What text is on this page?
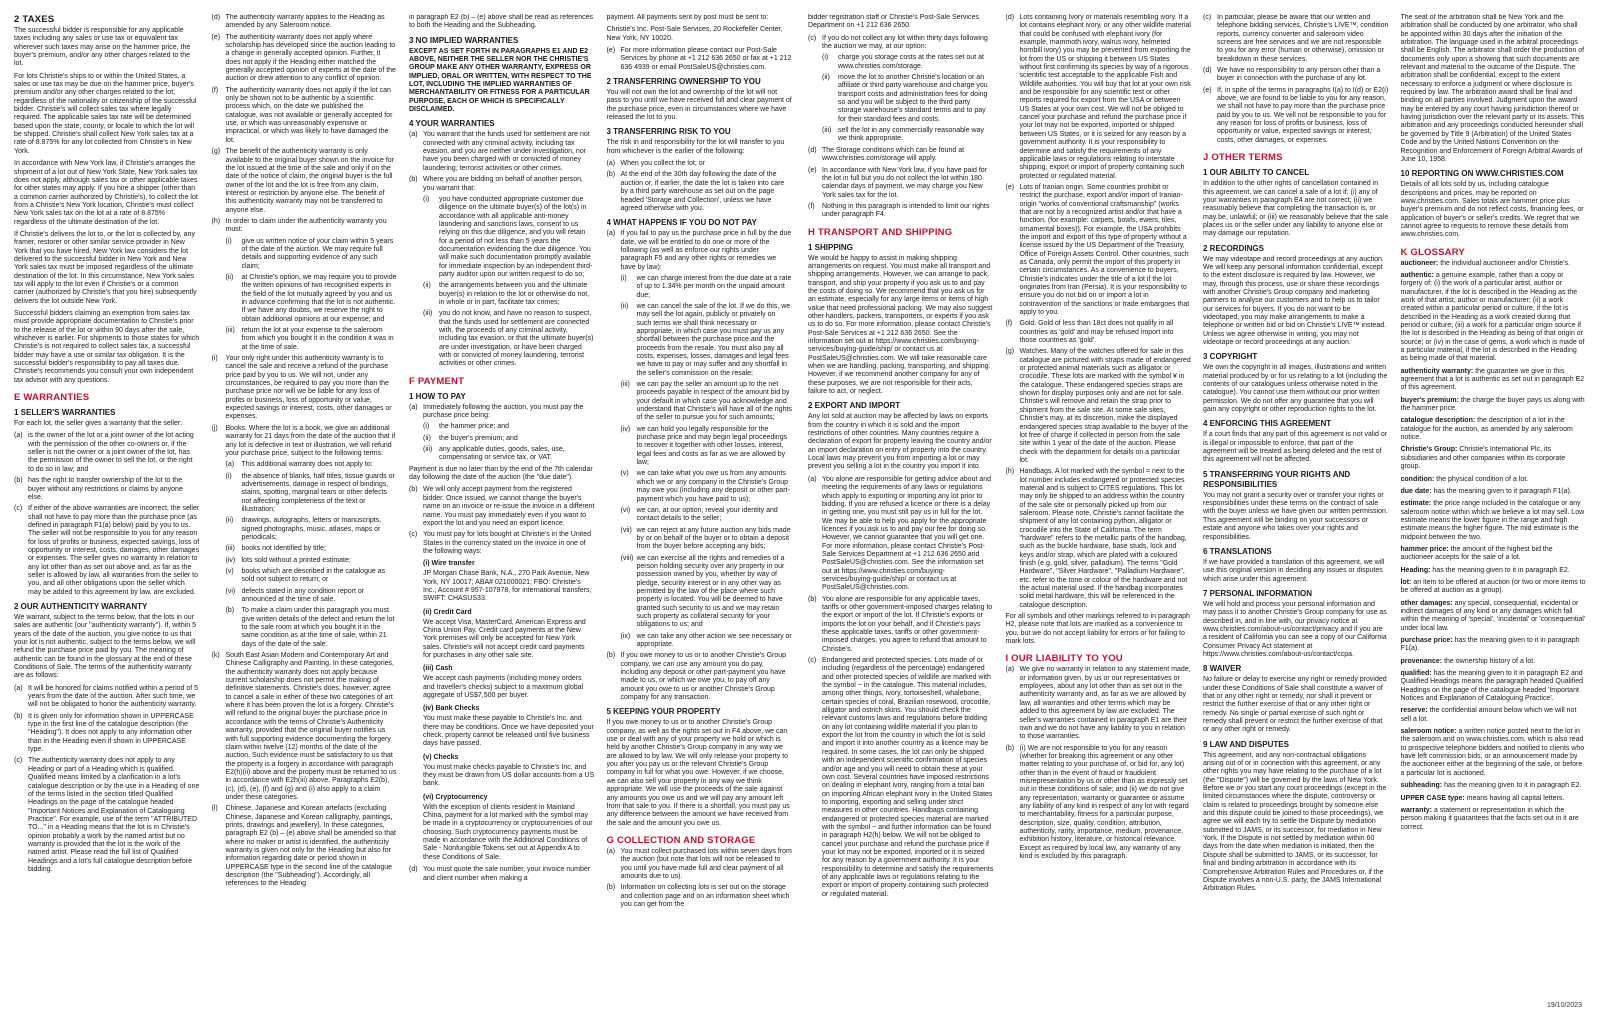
2 TAXES

The successful bidder is responsible for any applicable taxes including any sales or use tax or equivalent tax wherever such taxes may arise on the hammer price, the buyer's premium, and/or any other charges related to the lot.

For lots Christie's ships to or within the United States, a sales or use tax may be due on the hammer price, buyer's premium and/or any other charges related to the lot, regardless of the nationality or citizenship of the successful bidder. Christie's will collect sales tax where legally required. The applicable sales tax rate will be determined based upon the state, county, or locale to which the lot will be shipped. Christie's shall collect New York sales tax at a rate of 8.875% for any lot collected from Christie's in New York.

In accordance with New York law, if Christie's arranges the shipment of a lot out of New York State, New York sales tax does not apply, although sales tax or other applicable taxes for other states may apply. If you hire a shipper (other than a common carrier authorized by Christie's), to collect the lot from a Christie's New York location, Christie's must collect New York sales tax on the lot at a rate of 8.875% regardless of the ultimate destination of the lot.

If Christie's delivers the lot to, or the lot is collected by, any framer, restorer or other similar service provider in New York that you have hired, New York law considers the lot delivered to the successful bidder in New York and New York sales tax must be imposed regardless of the ultimate destination of the lot. In this circumstance, New York sales tax will apply to the lot even if Christie's or a common carrier (authorized by Christie's that you hire) subsequently delivers the lot outside New York.

Successful bidders claiming an exemption from sales tax must provide appropriate documentation to Christie's prior to the release of the lot or within 90 days after the sale, whichever is earlier. For shipments to those states for which Christie's is not required to collect sales tax, a successful bidder may have a use or similar tax obligation. It is the successful bidder's responsibility to pay all taxes due. Christie's recommends you consult your own independent tax advisor with any questions.

E WARRANTIES
1 SELLER'S WARRANTIES

For each lot, the seller gives a warranty that the seller:

(a) is the owner of the lot or a joint owner of the lot acting with the permission of the other co-owners or, if the seller is not the owner or a joint owner of the lot, has the permission of the owner to sell the lot, or the right to do so in law; and
(b) has the right to transfer ownership of the lot to the buyer without any restrictions or claims by anyone else.
(c) If either of the above warranties are incorrect, the seller shall not have to pay more than the purchase price (as defined in paragraph F1(a) below) paid by you to us. The seller will not be responsible to you for any reason for loss of profits or business, expected savings, loss of opportunity or interest, costs, damages, other damages or expenses. The seller gives no warranty in relation to any lot other than as set out above and, as far as the seller is allowed by law, all warranties from the seller to you, and all other obligations upon the seller which may be added to this agreement by law, are excluded.
2 OUR AUTHENTICITY WARRANTY

We warrant, subject to the terms below, that the lots in our sales are authentic (our "authenticity warranty"). If, within 5 years of the date of the auction, you give notice to us that your lot is not authentic, subject to the terms below, we will refund the purchase price paid by you. The meaning of authentic can be found in the glossary at the end of these Conditions of Sale. The terms of the authenticity warranty are as follows:

(a) It will be honored for claims notified within a period of 5 years from the date of the auction. After such time, we will not be obligated to honor the authenticity warranty.
(b) It is given only for information shown in UPPERCASE type in the first line of the catalogue description (the "Heading"). It does not apply to any information other than in the Heading even if shown in UPPERCASE type.
(c) The authenticity warranty does not apply to any Heading or part of a Heading which is qualified. Qualified means limited by a clarification in a lot's catalogue description or by the use in a Heading of one of the terms listed in the section titled Qualified Headings on the page of the catalogue headed "Important Notices and Explanation of Cataloguing Practice". For example, use of the term "ATTRIBUTED TO..." in a Heading means that the lot is in Christie's opinion probably a work by the named artist but no warranty is provided that the lot is the work of the named artist. Please read the full list of Qualified Headings and a lot's full catalogue description before bidding.
(d) The authenticity warranty applies to the Heading as amended by any Saleroom notice.
(e) The authenticity warranty does not apply where scholarship has developed since the auction leading to a change in generally accepted opinion. Further, it does not apply if the Heading either matched the generally accepted opinion of experts at the date of the auction or drew attention to any conflict of opinion.
(f)	The authenticity warranty does not apply if the lot can only be shown not to be authentic by a scientific process which, on the date we published the catalogue, was not available or generally accepted for use, or which was unreasonably expensive or impractical, or which was likely to have damaged the lot.
(g) The benefit of the authenticity warranty is only available to the original buyer shown on the invoice for the lot issued at the time of the sale and only if on the date of the notice of claim, the original buyer is the full owner of the lot and the lot is free from any claim, interest or restriction by anyone else. The benefit of this authenticity warranty may not be transferred to anyone else.
(h) In order to claim under the authenticity warranty you must:
(i)	give us written notice of your claim within 5 years of the date of the auction. We may require full details and supporting evidence of any such claim;
(ii)	at Christie's option, we may require you to provide the written opinions of two recognised experts in the field of the lot mutually agreed by you and us in advance confirming that the lot is not authentic. If we have any doubts, we reserve the right to obtain additional opinions at our expense; and
(iii) return the lot at your expense to the saleroom from which you bought it in the condition it was in at the time of sale.
(i)	Your only right under this authenticity warranty is to cancel the sale and receive a refund of the purchase price paid by you to us. We will not, under any circumstances, be required to pay you more than the purchase price nor will we be liable for any loss of profits or business, loss of opportunity or value, expected savings or interest, costs, other damages or expenses.
(j)	Books. Where the lot is a book, we give an additional warranty for 21 days from the date of the auction that if any lot is defective in text or illustration, we will refund your purchase price, subject to the following terms:
(a)	This additional warranty does not apply to:
(i)	the absence of blanks, half titles, tissue guards or advertisements, damage in respect of bindings, stains, spotting, marginal tears or other defects not affecting completeness of the text or illustration;
(ii)	drawings, autographs, letters or manuscripts, signed photographs, music, atlases, maps or periodicals;
(iii) books not identified by title;
(iv) lots sold without a printed estimate;
(v)	books which are described in the catalogue as sold not subject to return; or
(vi) defects stated in any condition report or announced at the time of sale.
(b)	To make a claim under this paragraph you must give written details of the defect and return the lot to the sale room at which you bought it in the same condition as at the time of sale, within 21 days of the date of the sale.
(k) South East Asian Modern and Contemporary Art and Chinese Calligraphy and Painting. In these categories, the authenticity warranty does not apply because current scholarship does not permit the making of definitive statements. Christie's does, however, agree to cancel a sale in either of these two categories of art where it has been proven the lot is a forgery. Christie's will refund to the original buyer the purchase price in accordance with the terms of Christie's Authenticity warranty, provided that the original buyer notifies us with full supporting evidence documenting the forgery claim within twelve (12) months of the date of the auction. Such evidence must be satisfactory to us that the property is a forgery in accordance with paragraph E2(h)(ii) above and the property must be returned to us in accordance with E2h(iii) above. Paragraphs E2(b), (c), (d), (e), (f) and (g) and (i) also apply to a claim under these categories.
(l)	Chinese, Japanese and Korean artefacts (excluding Chinese, Japanese and Korean calligraphy, paintings, prints, drawings and jewellery). In these categories, paragraph E2 (b) – (e) above shall be amended so that where no maker or artist is identified, the authenticity warranty is given not only for the Heading but also for information regarding date or period shown in UPPERCASE type in the second line of the catalogue description (the "Subheading"). Accordingly, all references to the Heading

in paragraph E2 (b) – (e) above shall be read as references to both the Heading and the Subheading.

3 NO IMPLIED WARRANTIES

EXCEPT AS SET FORTH IN PARAGRAPHS E1 AND E2 ABOVE, NEITHER THE SELLER NOR THE CHRISTIE'S GROUP MAKE ANY OTHER WARRANTY, EXPRESS OR IMPLIED, ORAL OR WRITTEN, WITH RESPECT TO THE LOT, INCLUDING THE IMPLIED WARRANTIES OF MERCHANTABILITY OR FITNESS FOR A PARTICULAR PURPOSE, EACH OF WHICH IS SPECIFICALLY DISCLAIMED.

4 YOUR WARRANTIES
(a) You warrant that the funds used for settlement are not connected with any criminal activity, including tax evasion, and you are neither under investigation, nor have you been charged with or convicted of money laundering, terrorist activities or other crimes.
(b) Where you are bidding on behalf of another person, you warrant that:
(i)	you have conducted appropriate customer due diligence on the ultimate buyer(s) of the lot(s) in accordance with all applicable anti-money laundering and sanctions laws, consent to us relying on this due diligence, and you will retain for a period of not less than 5 years the documentation evidencing the due diligence. You will make such documentation promptly available for immediate inspection by an independent third-party auditor upon our written request to do so;
(ii)	the arrangements between you and the ultimate buyer(s) in relation to the lot or otherwise do not, in whole or in part, facilitate tax crimes;
(iii) you do not know, and have no reason to suspect, that the funds used for settlement are connected with, the proceeds of any criminal activity, including tax evasion, or that the ultimate buyer(s) are under investigation, or have been charged with or convicted of money laundering, terrorist activities or other crimes.
F PAYMENT
1 HOW TO PAY
(a) Immediately following the auction, you must pay the purchase price being:
(i)	the hammer price; and
(ii)	the buyer's premium; and
(iii) any applicable duties, goods, sales, use, compensating or service tax, or VAT.

Payment is due no later than by the end of the 7th calendar day following the date of the auction (the "due date").

(b) We will only accept payment from the registered bidder. Once issued, we cannot change the buyer's name on an invoice or re-issue the invoice in a different name. You must pay immediately even if you want to export the lot and you need an export licence.
(c) You must pay for lots bought at Christie's in the United States in the currency stated on the invoice in one of the following ways:
(i) Wire transfer

JP Morgan Chase Bank, N.A., 270 Park Avenue, New York, NY 10017; ABA# 021000021; FBO: Christie's Inc.; Account # 957-107978, for international transfers, SWIFT: CHASUS33.

(ii) Credit Card

We accept Visa, MasterCard, American Express and China Union Pay. Credit card payments at the New York premises will only be accepted for New York sales. Christie's will not accept credit card payments for purchases in any other sale site.

(iii) Cash

We accept cash payments (including money orders and traveller's checks) subject to a maximum global aggregate of US$7,500 per buyer.

(iv) Bank Checks

You must make these payable to Christie's Inc. and there may be conditions. Once we have deposited your check, property cannot be released until five business days have passed.

(v) Checks

You must make checks payable to Christie's Inc. and they must be drawn from US dollar accounts from a US bank.

(vi) Cryptocurrency

With the exception of clients resident in Mainland China, payment for a lot marked with the symbol may be made in a cryptocurrency or cryptocurrencies of our choosing. Such cryptocurrency payments must be made in accordance with the Additional Conditions of Sale - Nonfungible Tokens set out at Appendix A to these Conditions of Sale.

(d) You must quote the sale number, your invoice number and client number when making a

payment. All payments sent by post must be sent to:

Christie's Inc. Post-Sale Services, 20 Rockefeller Center, New York, NY 10020.

(e) For more information please contact our Post-Sale Services by phone at +1 212 636 2650 or fax at +1 212 636 4939 or email PostSaleUS@christies.com.
2 TRANSFERRING OWNERSHIP TO YOU

You will not own the lot and ownership of the lot will not pass to you until we have received full and clear payment of the purchase price, even in circumstances where we have released the lot to you.

3 TRANSFERRING RISK TO YOU

The risk in and responsibility for the lot will transfer to you from whichever is the earlier of the following:

(a) When you collect the lot; or
(b) At the end of the 30th day following the date of the auction or, if earlier, the date the lot is taken into care by a third party warehouse as set out on the page headed 'Storage and Collection', unless we have agreed otherwise with you.
4 WHAT HAPPENS IF YOU DO NOT PAY
(a) If you fail to pay us the purchase price in full by the due date, we will be entitled to do one or more of the following (as well as enforce our rights under paragraph F5 and any other rights or remedies we have by law):
(i)	we can charge interest from the due date at a rate of up to 1.34% per month on the unpaid amount due;
(ii)	we can cancel the sale of the lot. If we do this, we may sell the lot again, publicly or privately on such terms we shall think necessary or appropriate, in which case you must pay us any shortfall between the purchase price and the proceeds from the resale. You must also pay all costs, expenses, losses, damages and legal fees we have to pay or may suffer and any shortfall in the seller's commission on the resale;
(iii) we can pay the seller an amount up to the net proceeds payable in respect of the amount bid by your default in which case you acknowledge and understand that Christie's will have all of the rights of the seller to pursue you for such amounts;
(iv) we can hold you legally responsible for the purchase price and may begin legal proceedings to recover it together with other losses, interest, legal fees and costs as far as we are allowed by law;
(v)	we can take what you owe us from any amounts which we or any company in the Christie's Group may owe you (including any deposit or other part-payment which you have paid to us);
(vi) we can, at our option, reveal your identity and contact details to the seller;
(vii) we can reject at any future auction any bids made by or on behalf of the buyer or to obtain a deposit from the buyer before accepting any bids;
(viii) we can exercise all the rights and remedies of a person holding security over any property in our possession owned by you, whether by way of pledge, security interest or in any other way as permitted by the law of the place where such property is located. You will be deemed to have granted such security to us and we may retain such property as collateral security for your obligations to us; and
(ix) we can take any other action we see necessary or appropriate.
(b) If you owe money to us or to another Christie's Group company, we can use any amount you do pay, including any deposit or other part-payment you have made to us, or which we owe you, to pay off any amount you owe to us or another Christie's Group company for any transaction.
5 KEEPING YOUR PROPERTY

If you owe money to us or to another Christie's Group company, as well as the rights set out in F4 above, we can use or deal with any of your property we hold or which is held by another Christie's Group company in any way we are allowed to by law. We will only release your property to you after you pay us or the relevant Christie's Group company in full for what you owe. However, if we choose, we can also sell your property in any way we think appropriate. We will use the proceeds of the sale against any amounts you owe us and we will pay any amount left from that sale to you. If there is a shortfall, you must pay us any difference between the amount we have received from the sale and the amount you owe us.

G COLLECTION AND STORAGE
(a) You must collect purchased lots within seven days from the auction (but note that lots will not be released to you until you have made full and clear payment of all amounts due to us).
(b) Information on collecting lots is set out on the storage and collection page and on an information sheet which you can get from the

bidder registration staff or Christie's Post-Sale Services Department on +1 212 636 2650.

(c) If you do not collect any lot within thirty days following the auction we may, at our option:
(i)	charge you storage costs at the rates set out at www.christies.com/storage.
(ii)	move the lot to another Christie's location or an affiliate or third party warehouse and charge you transport costs and administration fees for doing so and you will be subject to the third party storage warehouse's standard terms and to pay for their standard fees and costs.
(iii) sell the lot in any commercially reasonable way we think appropriate.
(d) The Storage conditions which can be found at www.christies.com/storage will apply.
(e) In accordance with New York law, if you have paid for the lot in full but you do not collect the lot within 180 calendar days of payment, we may charge you New York sales tax for the lot.
(f)	Nothing in this paragraph is intended to limit our rights under paragraph F4.
H TRANSPORT AND SHIPPING
1 SHIPPING

We would be happy to assist in making shipping arrangements on request. You must make all transport and shipping arrangements. However, we can arrange to pack, transport, and ship your property if you ask us to and pay the costs of doing so. We recommend that you ask us for an estimate, especially for any large items or items of high value that need professional packing. We may also suggest other handlers, packers, transporters, or experts if you ask us to do so. For more information, please contact Christie's Post-Sale Services at +1 212 636 2650. See the information set out at https://www.christies.com/buying-services/buying-guide/ship/ or contact us at PostSaleUS@christies.com. We will take reasonable care when we are handling, packing, transporting, and shipping. However, if we recommend another company for any of these purposes, we are not responsible for their acts, failure to act, or neglect.

2 EXPORT AND IMPORT

Any lot sold at auction may be affected by laws on exports from the country in which it is sold and the import restrictions of other countries. Many countries require a declaration of export for property leaving the country and/or an import declaration on entry of property into the country. Local laws may prevent you from importing a lot or may prevent you selling a lot in the country you import it into.

(a) You alone are responsible for getting advice about and meeting the requirements of any laws or regulations which apply to exporting or importing any lot prior to bidding. If you are refused a licence or there is a delay in getting one, you must still pay us in full for the lot. We may be able to help you apply for the appropriate licences if you ask us to and pay our fee for doing so. However, we cannot guarantee that you will get one. For more information, please contact Christie's Post-Sale Services Department at +1 212 636 2650 and PostSaleUS@christies.com. See the information set out at https://www.christies.com/buying-services/buying-guide/ship/ or contact us at PostSaleUS@christies.com.
(b) You alone are responsible for any applicable taxes, tariffs or other government-imposed charges relating to the export or import of the lot. If Christie's exports or imports the lot on your behalf, and if Christie's pays these applicable taxes, tariffs or other government-imposed charges, you agree to refund that amount to Christie's.
(c) Endangered and protected species. Lots made of or including (regardless of the percentage) endangered and other protected species of wildlife are marked with the symbol ~ in the catalogue. This material includes, among other things, ivory, tortoiseshell, whalebone, certain species of coral, Brazilian rosewood, crocodile, alligator and ostrich skins. You should check the relevant customs laws and regulations before bidding on any lot containing wildlife material if you plan to export the lot from the country in which the lot is sold and import it into another country as a licence may be required. In some cases, the lot can only be shipped with an independent scientific confirmation of species and/or age and you will need to obtain these at your own cost. Several countries have imposed restrictions on dealing in elephant ivory, ranging from a total ban on importing African elephant ivory in the United States to importing, exporting and selling under strict measures in other countries. Handbags containing endangered or protected species material are marked with the symbol ~ and further information can be found in paragraph H2(h) below. We will not be obliged to cancel your purchase and refund the purchase price if your lot may not be exported, imported or it is seized for any reason by a government authority. It is your responsibility to determine and satisfy the requirements of any applicable laws or regulations relating to the export or import of property containing such protected or regulated material.
(d) Lots containing Ivory or materials resembling ivory. If a lot contains elephant ivory, or any other wildlife material that could be confused with elephant ivory (for example, mammoth ivory, walrus ivory, helmeted hornbill ivory) you may be prevented from exporting the lot from the US or shipping it between US States without first confirming its species by way of a rigorous scientific test acceptable to the applicable Fish and Wildlife authorities. You will buy that lot at your own risk and be responsible for any scientific test or other reports required for export from the USA or between US States at your own cost. We will not be obliged to cancel your purchase and refund the purchase price if your lot may not be exported, imported or shipped between US States, or it is seized for any reason by a government authority. It is your responsibility to determine and satisfy the requirements of any applicable laws or regulations relating to interstate shipping, export or import of property containing such protected or regulated material.
(e) Lots of Iranian origin. Some countries prohibit or restrict the purchase, export and/or import of Iranian-origin "works of conventional craftsmanship" (works that are not by a recognized artist and/or that have a function, (for example: carpets, bowls, ewers, tiles, ornamental boxes)). For example, the USA prohibits the import and export of this type of property without a license issued by the US Department of the Treasury, Office of Foreign Assets Control. Other countries, such as Canada, only permit the import of this property in certain circumstances. As a convenience to buyers, Christie's indicates under the title of a lot if the lot originates from Iran (Persia). It is your responsibility to ensure you do not bid on or import a lot in contravention of the sanctions or trade embargoes that apply to you.
(f)	Gold. Gold of less than 18ct does not qualify in all countries as 'gold' and may be refused import into those countries as 'gold'.
(g) Watches. Many of the watches offered for sale in this catalogue are pictured with straps made of endangered or protected animal materials such as alligator or crocodile. These lots are marked with the symbol ¥ in the catalogue. These endangered species straps are shown for display purposes only and are not for sale. Christie's will remove and retain the strap prior to shipment from the sale site. At some sale sites, Christie's may, at its discretion, make the displayed endangered species strap available to the buyer of the lot free of charge if collected in person from the sale site within 1 year of the date of the auction. Please check with the department for details on a particular lot.
(h) Handbags. A lot marked with the symbol = next to the lot number includes endangered or protected species material and is subject to CITES regulations. This lot may only be shipped to an address within the country of the sale site or personally picked up from our saleroom. Please note, Christie's cannot facilitate the shipment of any lot containing python, alligator or crocodile into the State of California. The term "hardware" refers to the metallic parts of the handbag, such as the buckle hardware, base studs, lock and keys and/or strap, which are plated with a coloured finish (e.g. gold, silver, palladium). The terms "Gold Hardware", "Silver Hardware", "Palladium Hardware", etc. refer to the tone or colour of the hardware and not the actual material used. If the handbag incorporates solid metal hardware, this will be referenced in the catalogue description.

For all symbols and other markings referred to in paragraph H2, please note that lots are marked as a convenience to you, but we do not accept liability for errors or for failing to mark lots.

I OUR LIABILITY TO YOU
(a) We give no warranty in relation to any statement made, or information given, by us or our representatives or employees, about any lot other than as set out in the authenticity warranty and, as far as we are allowed by law, all warranties and other terms which may be added to this agreement by law are excluded. The seller's warranties contained in paragraph E1 are their own and we do not have any liability to you in relation to those warranties.
(b) (i) We are not responsible to you for any reason (whether for breaking this agreement or any other matter relating to your purchase of, or bid for, any lot) other than in the event of fraud or fraudulent misrepresentation by us or other than as expressly set out in these conditions of sale; and (ii) we do not give any representation, warranty or guarantee or assume any liability of any kind in respect of any lot with regard to merchantability, fitness for a particular purpose, description, size, quality, condition, attribution, authenticity, rarity, importance, medium, provenance, exhibition history, literature, or historical relevance. Except as required by local law, any warranty of any kind is excluded by this paragraph.
(c) In particular, please be aware that our written and telephone bidding services, Christie's LIVE™, condition reports, currency converter and saleroom video screens are free services and we are not responsible to you for any error (human or otherwise), omission or breakdown in these services.
(d) We have no responsibility to any person other than a buyer in connection with the purchase of any lot.
(e) If, in spite of the terms in paragraphs I(a) to I(d) or E2(i) above, we are found to be liable to you for any reason, we shall not have to pay more than the purchase price paid by you to us. We will not be responsible to you for any reason for loss of profits or business, loss of opportunity or value, expected savings or interest, costs, other damages, or expenses.
J OTHER TERMS
1 OUR ABILITY TO CANCEL

In addition to the other rights of cancellation contained in this agreement, we can cancel a sale of a lot if: (i) any of your warranties in paragraph E4 are not correct; (ii) we reasonably believe that completing the transaction is, or may be, unlawful; or (iii) we reasonably believe that the sale places us or the seller under any liability to anyone else or may damage our reputation.

2 RECORDINGS

We may videotape and record proceedings at any auction. We will keep any personal information confidential, except to the extent disclosure is required by law. However, we may, through this process, use or share these recordings with another Christie's Group company and marketing partners to analyse our customers and to help us to tailor our services for buyers. If you do not want to be videotaped, you may make arrangements to make a telephone or written bid or bid on Christie's LIVE™ instead. Unless we agree otherwise in writing, you may not videotape or record proceedings at any auction.

3 COPYRIGHT

We own the copyright in all images, illustrations and written material produced by or for us relating to a lot (including the contents of our catalogues unless otherwise noted in the catalogue). You cannot use them without our prior written permission. We do not offer any guarantee that you will gain any copyright or other reproduction rights to the lot.

4 ENFORCING THIS AGREEMENT

If a court finds that any part of this agreement is not valid or is illegal or impossible to enforce, that part of the agreement will be treated as being deleted and the rest of this agreement will not be affected.

5 TRANSFERRING YOUR RIGHTS AND RESPONSIBILITIES

You may not grant a security over or transfer your rights or responsibilities under these terms on the contract of sale with the buyer unless we have given our written permission. This agreement will be binding on your successors or estate and anyone who takes over your rights and responsibilities.

6 TRANSLATIONS

If we have provided a translation of this agreement, we will use this original version in deciding any issues or disputes which arise under this agreement.

7 PERSONAL INFORMATION

We will hold and process your personal information and may pass it to another Christie's Group company for use as described in, and in line with, our privacy notice at www.christies.com/about-us/contact/privacy and if you are a resident of California you can see a copy of our California Consumer Privacy Act statement at https://www.christies.com/about-us/contact/ccpa.

8 WAIVER

No failure or delay to exercise any right or remedy provided under these Conditions of Sale shall constitute a waiver of that or any other right or remedy, nor shall it prevent or restrict the further exercise of that or any other right or remedy. No single or partial exercise of such right or remedy shall prevent or restrict the further exercise of that or any other right or remedy.

9 LAW AND DISPUTES

This agreement, and any non-contractual obligations arising out of or in connection with this agreement, or any other rights you may have relating to the purchase of a lot (the "Dispute") will be governed by the laws of New York. Before we or you start any court proceedings (except in the limited circumstances where the dispute, controversy or claim is related to proceedings brought by someone else and this dispute could be joined to those proceedings), we agree we will each try to settle the Dispute by mediation submitted to JAMS, or its successor, for mediation in New York. If the Dispute is not settled by mediation within 60 days from the date when mediation is initiated, then the Dispute shall be submitted to JAMS, or its successor, for final and binding arbitration in accordance with its Comprehensive Arbitration Rules and Procedures or, if the Dispute involves a non-U.S. party, the JAMS International Arbitration Rules.

The seat of the arbitration shall be New York and the arbitration shall be conducted by one arbitrator, who shall be appointed within 30 days after the initiation of the arbitration. The language used in the arbitral proceedings shall be English. The arbitrator shall order the production of documents only upon a showing that such documents are relevant and material to the outcome of the Dispute. The arbitration shall be confidential, except to the extent necessary to enforce a judgment or where disclosure is required by law. The arbitration award shall be final and binding on all parties involved. Judgment upon the award may be entered by any court having jurisdiction thereof or having jurisdiction over the relevant party or its assets. This arbitration and any proceedings conducted hereunder shall be governed by Title 9 (Arbitration) of the United States Code and by the United Nations Convention on the Recognition and Enforcement of Foreign Arbitral Awards of June 10, 1958.

10 REPORTING ON WWW.CHRISTIES.COM

Details of all lots sold by us, including catalogue descriptions and prices, may be reported on www.christies.com. Sales totals are hammer price plus buyer's premium and do not reflect costs, financing fees, or application of buyer's or seller's credits. We regret that we cannot agree to requests to remove these details from www.christies.com.

K GLOSSARY

auctioneer: the individual auctioneer and/or Christie's.

authentic: a genuine example, rather than a copy or forgery of: (i) the work of a particular artist, author or manufacturer, if the lot is described in the Heading as the work of that artist, author or manufacturer; (ii) a work created within a particular period or culture, if the lot is described in the Heading as a work created during that period or culture; (iii) a work for a particular origin source if the lot is described in the Heading as being of that origin or source; or (iv) in the case of gems, a work which is made of a particular material, if the lot is described in the Heading as being made of that material.

authenticity warranty: the guarantee we give in this agreement that a lot is authentic as set out in paragraph E2 of this agreement.

buyer's premium: the charge the buyer pays us along with the hammer price.

catalogue description: the description of a lot in the catalogue for the auction, as amended by any saleroom notice.

Christie's Group: Christie's International Plc, its subsidiaries and other companies within its corporate group.

condition: the physical condition of a lot.

due date: has the meaning given to it paragraph F1(a).

estimate: the price range included in the catalogue or any saleroom notice within which we believe a lot may sell. Low estimate means the lower figure in the range and high estimate means the higher figure. The mid estimate is the midpoint between the two.

hammer price: the amount of the highest bid the auctioneer accepts for the sale of a lot.

Heading: has the meaning given to it in paragraph E2.

lot: an item to be offered at auction (or two or more items to be offered at auction as a group).

other damages: any special, consequential, incidental or indirect damages of any kind or any damages which fall within the meaning of 'special', 'incidental' or 'consequential' under local law.

purchase price: has the meaning given to it in paragraph F1(a).

provenance: the ownership history of a lot.

qualified: has the meaning given to it in paragraph E2 and Qualified Headings means the paragraph headed Qualified Headings on the page of the catalogue headed 'Important Notices and Explanation of Cataloguing Practice'.

reserve: the confidential amount below which we will not sell a lot.

saleroom notice: a written notice posted next to the lot in the saleroom and on www.christies.com, which is also read to prospective telephone bidders and notified to clients who have left commission bids, or an announcement made by the auctioneer either at the beginning of the sale, or before a particular lot is auctioned.

subheading: has the meaning given to it in paragraph E2.

UPPER CASE type: means having all capital letters.

warranty: a statement or representation in which the person making it guarantees that the facts set out in it are correct.

19/10/2023
